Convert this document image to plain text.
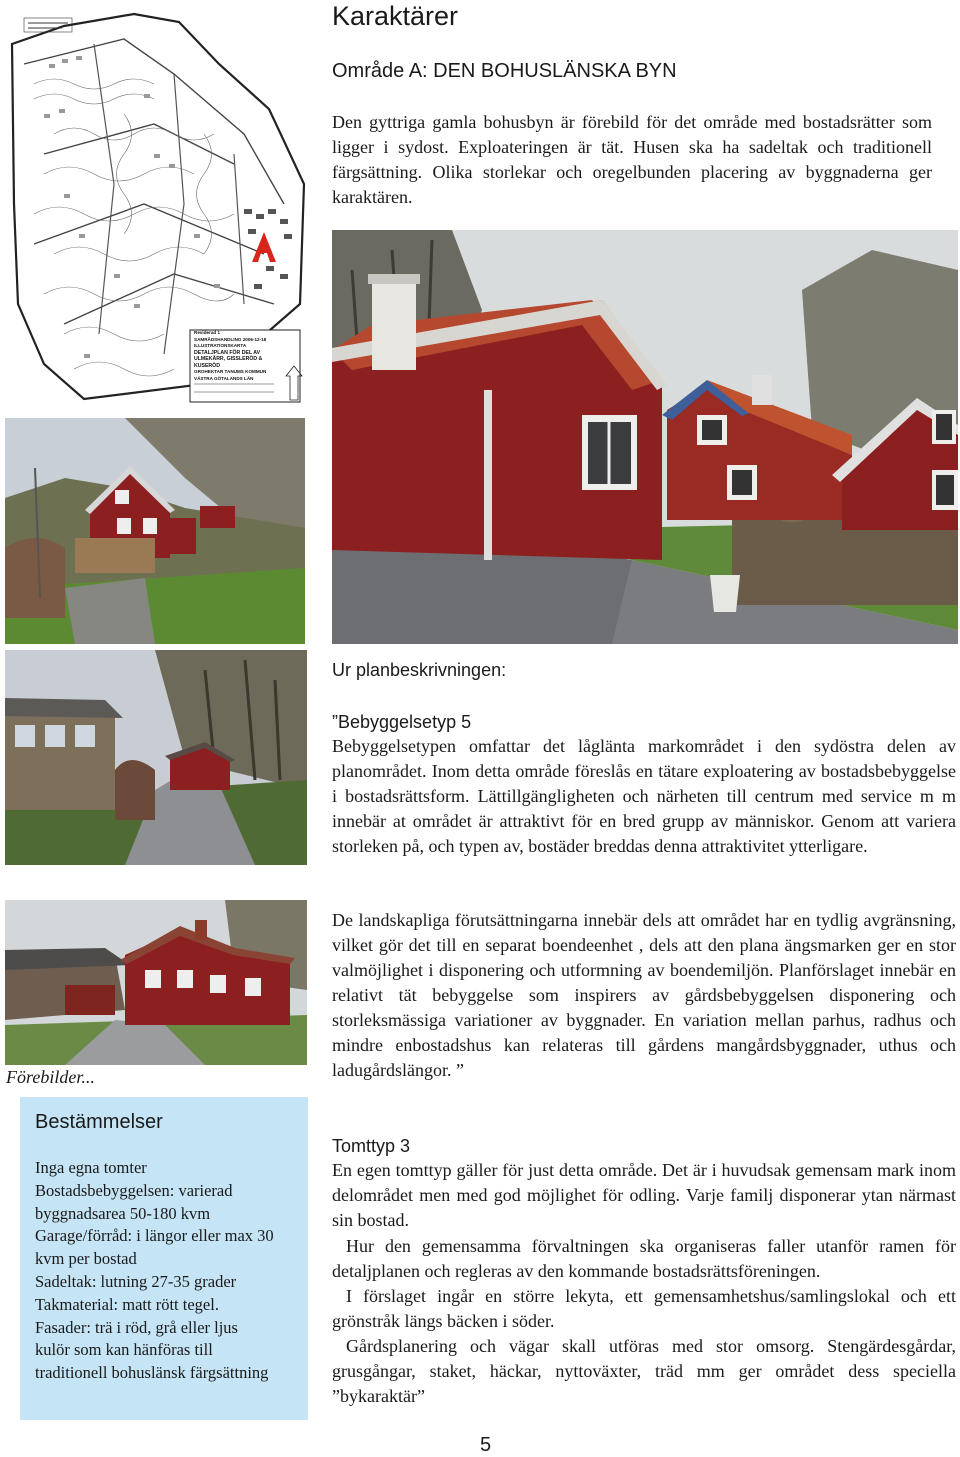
Reviderad 1
SAMRÅDSHANDLING 2006-12-18
ILLUSTRATIONSKARTA
DETALJPLAN FÖR DEL AV
ULMEKÄRR, GISSLERÖD & KUSERÖD
GROHEKTAR TANUMS KOMMUN
VÄSTRA GÖTALANDS LÄN
Karaktärer
Område A: DEN BOHUSLÄNSKA BYN

Den gyttriga gamla bohusbyn är förebild för det område med bostadsrätter som ligger i sydost. Exploateringen är tät. Husen ska ha sadeltak och traditionell färgsättning. Olika storlekar och oregelbunden placering av byggnaderna ger karaktären.

Förebilder...
Bestämmelser
Inga egna tomter
Bostadsbebyggelsen: varierad byggnadsarea 50-180 kvm
Garage/förråd: i längor eller max 30 kvm per bostad
Sadeltak: lutning 27-35 grader
Takmaterial: matt rött tegel.
Fasader: trä i röd, grå eller ljus kulör som kan hänföras till traditionell bohuslänsk färgsättning
Ur planbeskrivningen:
”Bebyggelsetyp 5

Bebyggelsetypen omfattar det låglänta markområdet i den sydöstra delen av planområdet. Inom detta område föreslås en tätare exploatering av bostadsbebyggelse i bostadsrättsform. Lättillgängligheten och närheten till centrum med service m m innebär at området är attraktivt för en bred grupp av människor. Genom att variera storleken på, och typen av, bostäder breddas denna attraktivitet ytterligare.

De landskapliga förutsättningarna innebär dels att området har en tydlig avgränsning, vilket gör det till en separat boendeenhet , dels att den plana ängsmarken ger en stor valmöjlighet i disponering och utformning av boendemiljön. Planförslaget innebär en relativt tät bebyggelse som inspirers av gårdsbebyggelsen disponering och storleksmässiga variationer av byggnader. En variation mellan parhus, radhus och mindre enbostadshus kan relateras till gårdens mangårdsbyggnader, uthus och ladugårdslängor. ”

Tomttyp 3

En egen tomttyp gäller för just detta område. Det är i huvudsak gemensam mark inom delområdet men med god möjlighet för odling. Varje familj disponerar ytan närmast sin bostad.

Hur den gemensamma förvaltningen ska organiseras faller utanför ramen för detaljplanen och regleras av den kommande bostadsrättsföreningen.

I förslaget ingår en större lekyta, ett gemensamhetshus/samlingslokal och ett grönstråk längs bäcken i söder.

Gårdsplanering och vägar skall utföras med stor omsorg. Stengärdesgårdar, grusgångar, staket, häckar, nyttoväxter, träd mm ger området dess speciella ”bykaraktär”

5
